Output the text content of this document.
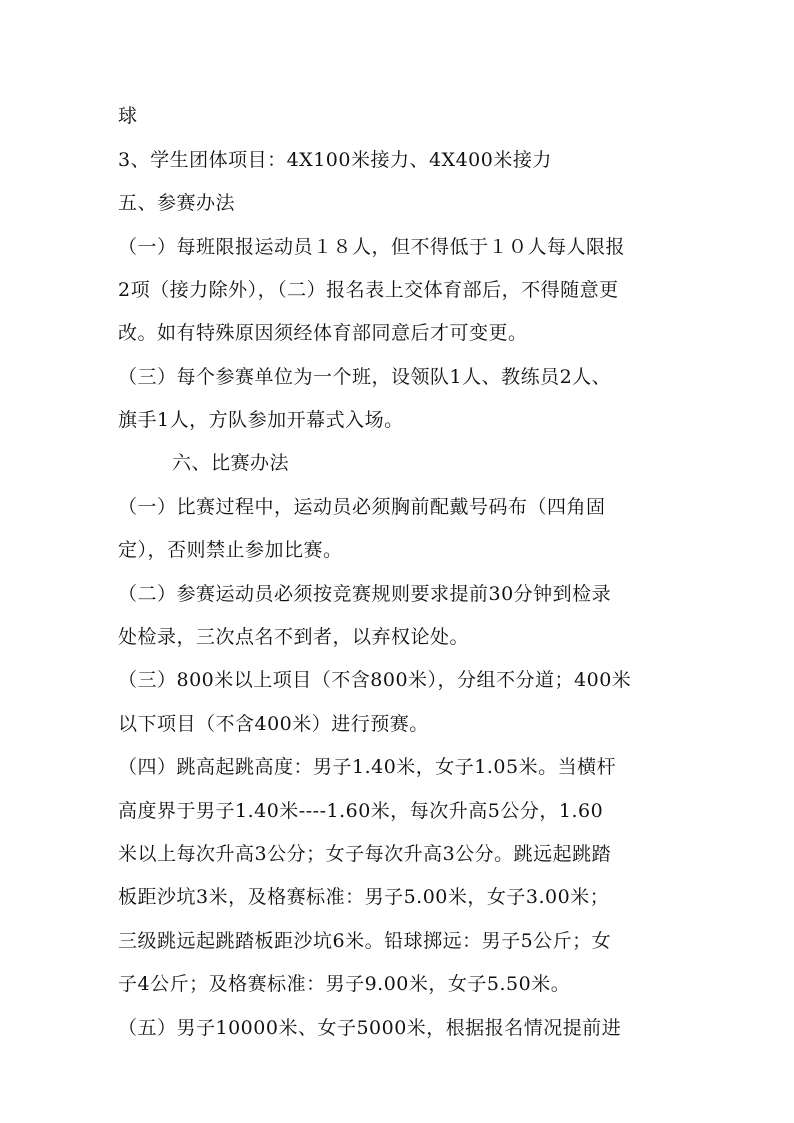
球
3、学生团体项目：4X100米接力、4X400米接力
五、参赛办法
（一）每班限报运动员１８人，但不得低于１０人每人限报
2项（接力除外），（二）报名表上交体育部后，不得随意更
改。如有特殊原因须经体育部同意后才可变更。
（三）每个参赛单位为一个班，设领队1人、教练员2人、
旗手1人，方队参加开幕式入场。
六、比赛办法
（一）比赛过程中，运动员必须胸前配戴号码布（四角固
定），否则禁止参加比赛。
（二）参赛运动员必须按竞赛规则要求提前30分钟到检录
处检录，三次点名不到者，以弃权论处。
（三）800米以上项目（不含800米），分组不分道；400米
以下项目（不含400米）进行预赛。
（四）跳高起跳高度：男子1.40米，女子1.05米。当横杆
高度界于男子1.40米----1.60米，每次升高5公分，1.60
米以上每次升高3公分；女子每次升高3公分。跳远起跳踏
板距沙坑3米，及格赛标准：男子5.00米，女子3.00米；
三级跳远起跳踏板距沙坑6米。铅球掷远：男子5公斤；女
子4公斤；及格赛标准：男子9.00米，女子5.50米。
（五）男子10000米、女子5000米，根据报名情况提前进
